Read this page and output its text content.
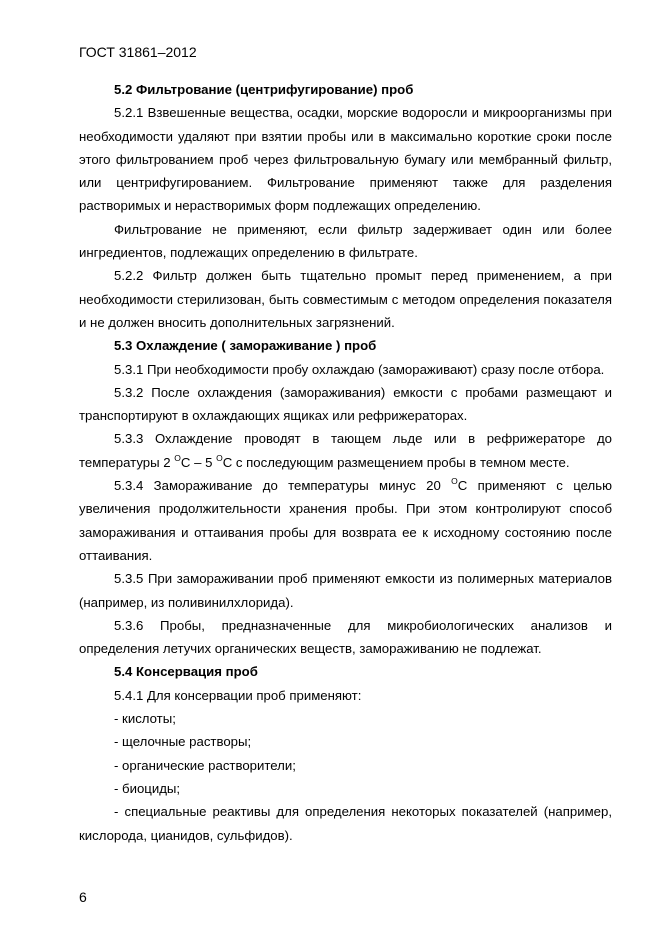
ГОСТ 31861–2012

5.2 Фильтрование (центрифугирование) проб

5.2.1 Взвешенные вещества, осадки, морские водоросли и микроорганизмы при необходимости удаляют при взятии пробы или в максимально короткие сроки после этого фильтрованием проб через фильтровальную бумагу или мембранный фильтр, или центрифугированием. Фильтрование применяют также для разделения растворимых и нерастворимых форм подлежащих определению.

Фильтрование не применяют, если фильтр задерживает один или более ингредиентов, подлежащих определению в фильтрате.

5.2.2 Фильтр должен быть тщательно промыт перед применением, а при необходимости стерилизован, быть совместимым с методом определения показателя и не должен вносить дополнительных загрязнений.

5.3 Охлаждение ( замораживание ) проб

5.3.1 При необходимости пробу охлаждаю (замораживают) сразу после отбора.

5.3.2 После охлаждения (замораживания) емкости с пробами размещают и транспортируют в охлаждающих ящиках или рефрижераторах.

5.3.3 Охлаждение проводят в тающем льде или в рефрижераторе до температуры 2 $^О$С – 5 $^О$С с последующим размещением пробы в темном месте.

5.3.4 Замораживание до температуры минус 20 $^О$С применяют с целью увеличения продолжительности хранения пробы. При этом контролируют способ замораживания и оттаивания пробы для возврата ее к исходному состоянию после оттаивания.

5.3.5 При замораживании проб применяют емкости из полимерных материалов (например, из поливинилхлорида).

5.3.6 Пробы, предназначенные для микробиологических анализов и определения летучих органических веществ, замораживанию не подлежат.

5.4 Консервация проб

5.4.1 Для консервации проб применяют:

- кислоты;

- щелочные растворы;

- органические растворители;

- биоциды;

- специальные реактивы для определения некоторых показателей (например, кислорода, цианидов, сульфидов).

6
